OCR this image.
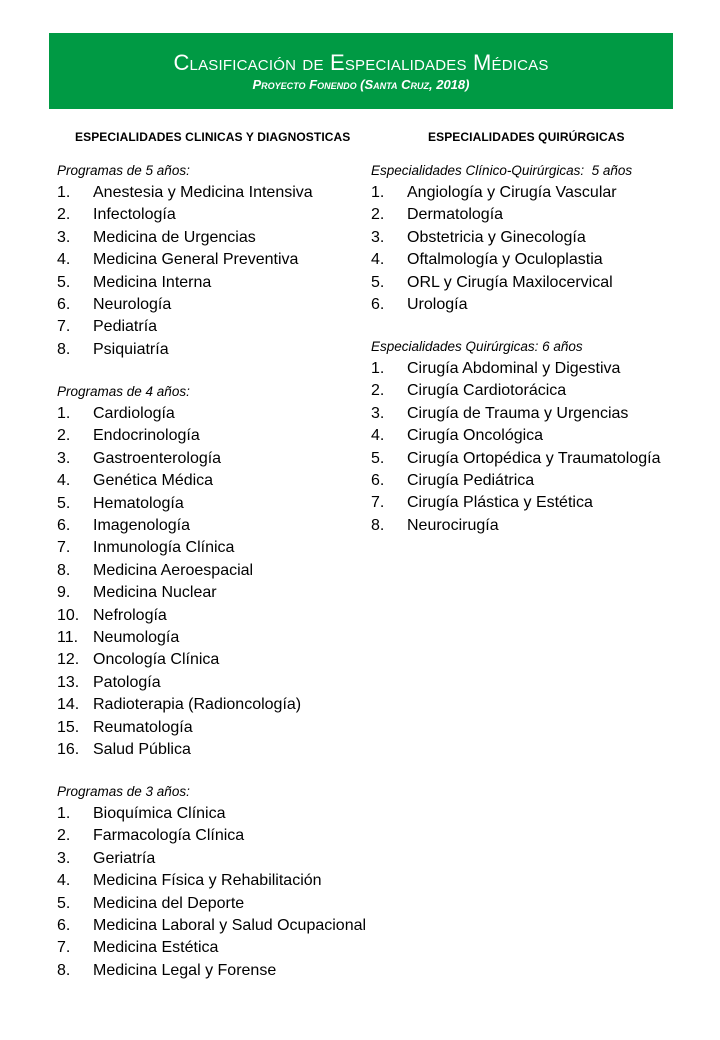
Clasificación de Especialidades Médicas
Proyecto Fonendo (Santa Cruz, 2018)
ESPECIALIDADES CLINICAS Y DIAGNOSTICAS	ESPECIALIDADES QUIRÚRGICAS
Programas de 5 años:
1.	Anestesia y Medicina Intensiva
2.	Infectología
3.	Medicina de Urgencias
4.	Medicina General Preventiva
5.	Medicina Interna
6.	Neurología
7.	Pediatría
8.	Psiquiatría
Programas de 4 años:
1.	Cardiología
2.	Endocrinología
3.	Gastroenterología
4.	Genética Médica
5.	Hematología
6.	Imagenología
7.	Inmunología Clínica
8.	Medicina Aeroespacial
9.	Medicina Nuclear
10. Nefrología
11. Neumología
12. Oncología Clínica
13. Patología
14. Radioterapia (Radioncología)
15. Reumatología
16. Salud Pública
Programas de 3 años:
1.	Bioquímica Clínica
2.	Farmacología Clínica
3.	Geriatría
4.	Medicina Física y Rehabilitación
5.	Medicina del Deporte
6.	Medicina Laboral y Salud Ocupacional
7.	Medicina Estética
8.	Medicina Legal y Forense
Especialidades Clínico-Quirúrgicas:  5 años
1.	Angiología y Cirugía Vascular
2.	Dermatología
3.	Obstetricia y Ginecología
4.	Oftalmología y Oculoplastia
5.	ORL y Cirugía Maxilocervical
6.	Urología
Especialidades Quirúrgicas: 6 años
1.	Cirugía Abdominal y Digestiva
2.	Cirugía Cardiotorácica
3.	Cirugía de Trauma y Urgencias
4.	Cirugía Oncológica
5.	Cirugía Ortopédica y Traumatología
6.	Cirugía Pediátrica
7.	Cirugía Plástica y Estética
8.	Neurocirugía
